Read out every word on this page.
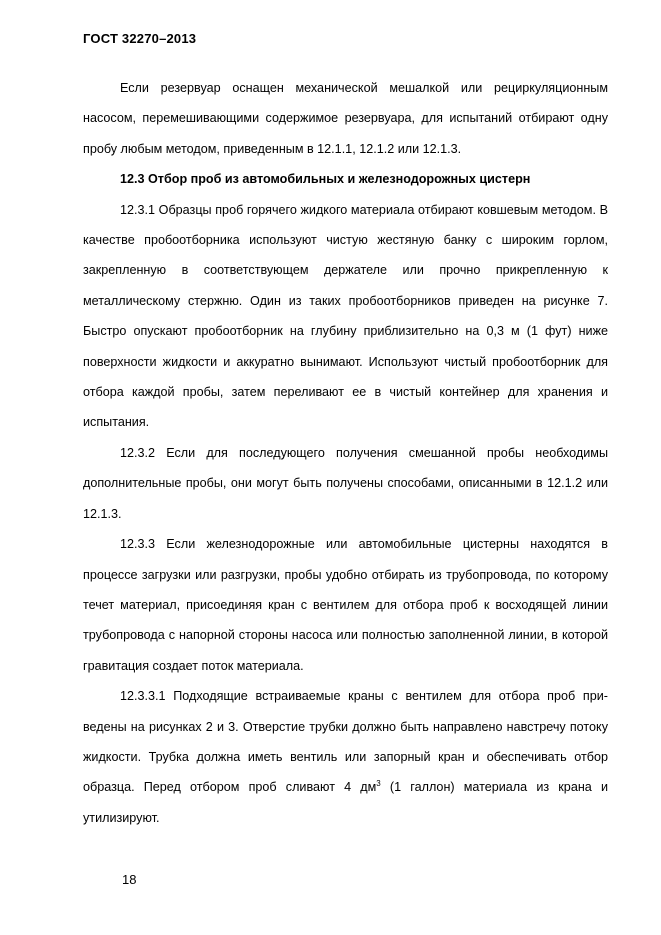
ГОСТ 32270–2013

Если резервуар оснащен механической мешалкой или рециркуляционным насосом, перемешивающими содержимое резервуара, для испытаний отбирают одну пробу любым методом, приведенным в 12.1.1, 12.1.2 или 12.1.3.

12.3 Отбор проб из автомобильных и железнодорожных цистерн

12.3.1 Образцы проб горячего жидкого материала отбирают ковшевым методом. В качестве пробоотборника используют чистую жестяную банку с широким горлом, закрепленную в соответствующем держателе или прочно прикрепленную к металлическому стержню. Один из таких пробоотборников приведен на рисунке 7. Быстро опускают пробоотборник на глубину приблизительно на 0,3 м (1 фут) ниже поверхности жидкости и аккуратно вынимают. Используют чистый пробоотборник для отбора каждой пробы, затем переливают ее в чистый контейнер для хранения и испытания.

12.3.2 Если для последующего получения смешанной пробы необходимы дополнительные пробы, они могут быть получены способами, описанными в 12.1.2 или 12.1.3.

12.3.3 Если железнодорожные или автомобильные цистерны находятся в процессе загрузки или разгрузки, пробы удобно отбирать из трубопровода, по которому течет материал, присоединяя кран с вентилем для отбора проб к восходящей линии трубопровода с напорной стороны насоса или полностью заполненной линии, в которой гравитация создает поток материала.

12.3.3.1 Подходящие встраиваемые краны с вентилем для отбора проб приведены на рисунках 2 и 3. Отверстие трубки должно быть направлено навстречу потоку жидкости. Трубка должна иметь вентиль или запорный кран и обеспечивать отбор образца. Перед отбором проб сливают 4 $дм^3$ (1 галлон) материала из крана и утилизируют.

18
